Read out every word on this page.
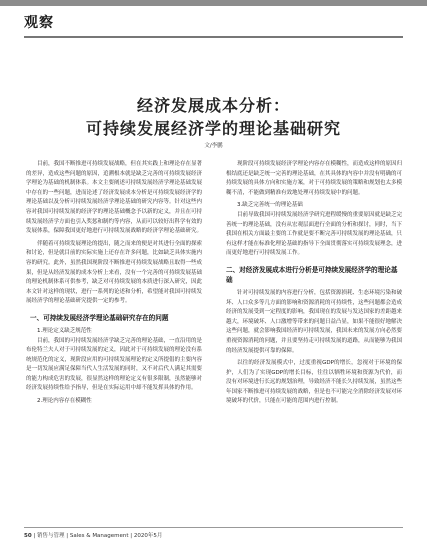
观察
经济发展成本分析：
可持续发展经济学的理论基础研究
文/李鹏

目前，我国不断推进可持续发展战略，但在其实践上和理论存在显著的差异，造成这些问题的原因，追溯根本就是缺乏完善的可持续发展经济学理论为基础的机制体系。本文主要阐述可持续发展经济学理论基础发展中存在的一些问题，进而论述了经济发展成本分析是可持续发展经济学的理论基础以及分析可持续发展经济学理论基础的研究内容等。针对这些内容对我国可持续发展的经济学的理论基础概念予以新的定义，并且在可持续发展经济学方面也引入奖惩和制约等内容，从而可以较好出科学有效的发展体系，保障我国更好地进行可持续发展战略的经济学理论基础研究。

伴随着可持续发展理论的提出，随之而来的便是对其进行全面的探索和讨论，但是就目前的实际实施上还存在许多问题，比如缺乏具体实施内容的研究。此外，虽然我国现阶段不断推进可持续发展战略且取得一些成果，但是从经济发展的成本分析上来看，没有一个完善的可持续发展基础的理论机制体系可供参考，缺乏对可持续发展的本质进行深入研究，因此本文针对这样的现状，进行一系列的论述和分析，希望能对我国可持续发展经济学的理论基础研究提供一定的参考。

一、可持续发展经济学理论基础研究存在的问题
1.理论定义缺乏规范性

目前，我国的可持续发展经济学缺乏完善的理论基础，一直沿用的是布伦特兰夫人对于可持续发展的定义，因此对于可持续发展的理论没有系统规范化的定义，现阶段应用的可持续发展理论的定义所提倡的主要内容是一切发展应满足保障当代人生活发展的同时，又不对后代人满足其需要的能力构成危害的发展，很显然这样的理论定义有很多限制，虽然能够对经济发展持续性给予指导，但是在实际运用中却不能发挥具体的作用。

2.理论内容存在模糊性

现阶段可持续发展经济学理论内容存在模糊性，而造成这样的原因归根结底还是缺乏统一完善的理论基础，在其具体的内容中并没有明确的可持续发展的具体方向和实施方案，对于可持续发展的策略和规划也太多模糊不清，不能做到精准有效地处理可持续发展中的问题。

3.缺乏完善统一的理论基础

目前导致我国可持续发展经济学研究进程缓慢的重要原因就是缺乏完善统一的理论基础，没有从宏观层面进行全面的分析和探讨，同时，当下我国在相关方面最主要的工作就是要不断完善可持续发展的理论基础，只有这样才能在标准化理论基础的指导下全面贯彻落实可持续发展理念，进而更好地进行可持续发展工作。

二、对经济发展成本进行分析是可持续发展经济学的理论基础

针对可持续发展的内容进行分析，包括资源损耗、生态环境污染和破坏、人口众多等几方面的影响和资源消耗的可持续性，这些问题都会造成经济的发展受到一定程度的影响，我国现在的发展与发达国家的差距越来越大，环境破坏、人口激增等带来的问题日益凸显，如果不能很好地解决这些问题，就会影响我国经济的可持续发展，我国未来的发展方向必然要重视资源消耗的问题，并且要坚持走可持续发展的道路，从而能够为我国的经济发展提供可靠的保障。

以往的经济发展模式中，过度重视GDP的增长，忽视对于环境的保护，人们为了实现GDP的增长目标，往往以牺牲环境和资源为代价，而没有对环境进行长远的规划治理，导致经济不能长久持续发展，虽然这些年国家不断推进可持续发展的战略，但是也不可能完全消除经济发展对环境破坏的代价，只能在可能的范围内进行控制。

50 | 销售与管理 | Sales & Management | 2020年5月
